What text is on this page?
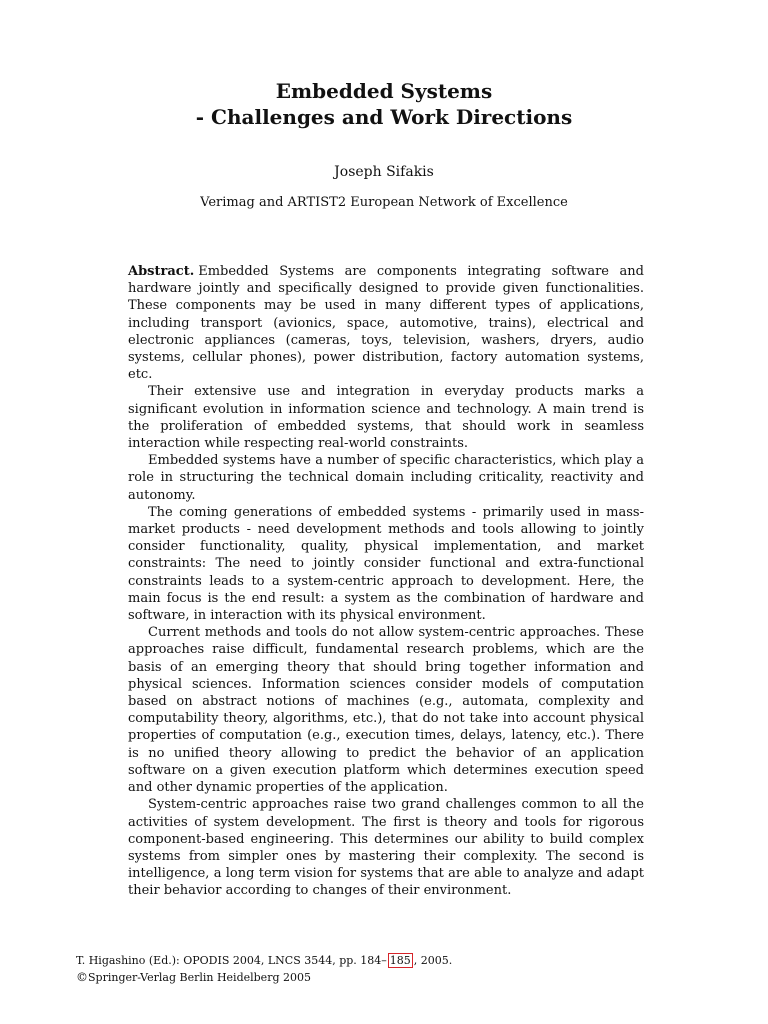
Embedded Systems
- Challenges and Work Directions
Joseph Sifakis
Verimag and ARTIST2 European Network of Excellence

Abstract. Embedded Systems are components integrating software and hardware jointly and specifically designed to provide given functionalities. These components may be used in many different types of applications, including transport (avionics, space, automotive, trains), electrical and electronic appliances (cameras, toys, television, washers, dryers, audio systems, cellular phones), power distribution, factory automation systems, etc.

Their extensive use and integration in everyday products marks a significant evolution in information science and technology. A main trend is the proliferation of embedded systems, that should work in seamless interaction while respecting real-world constraints.

Embedded systems have a number of specific characteristics, which play a role in structuring the technical domain including criticality, reactivity and autonomy.

The coming generations of embedded systems - primarily used in mass-market products - need development methods and tools allowing to jointly consider functionality, quality, physical implementation, and market constraints: The need to jointly consider functional and extra-functional constraints leads to a system-centric approach to development. Here, the main focus is the end result: a system as the combination of hardware and software, in interaction with its physical environment.

Current methods and tools do not allow system-centric approaches. These approaches raise difficult, fundamental research problems, which are the basis of an emerging theory that should bring together information and physical sciences. Information sciences consider models of computation based on abstract notions of machines (e.g., automata, complexity and computability theory, algorithms, etc.), that do not take into account physical properties of computation (e.g., execution times, delays, latency, etc.). There is no unified theory allowing to predict the behavior of an application software on a given execution platform which determines execution speed and other dynamic properties of the application.

System-centric approaches raise two grand challenges common to all the activities of system development. The first is theory and tools for rigorous component-based engineering. This determines our ability to build complex systems from simpler ones by mastering their complexity. The second is intelligence, a long term vision for systems that are able to analyze and adapt their behavior according to changes of their environment.

T. Higashino (Ed.): OPODIS 2004, LNCS 3544, pp. 184– 185 , 2005.
©Springer-Verlag Berlin Heidelberg 2005
